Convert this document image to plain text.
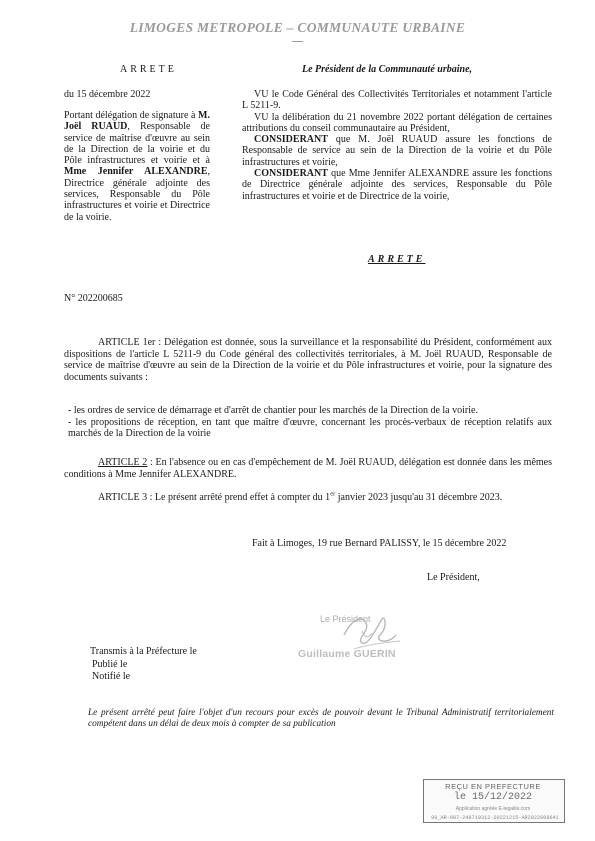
LIMOGES METROPOLE – COMMUNAUTE URBAINE
—
ARRETE	Le Président de la Communauté urbaine,
du 15 décembre 2022
Portant délégation de signature à M. Joël RUAUD, Responsable de service de maîtrise d'œuvre au sein de la Direction de la voirie et du Pôle infrastructures et voirie et à Mme Jennifer ALEXANDRE, Directrice générale adjointe des services, Responsable du Pôle infrastructures et voirie et Directrice de la voirie.

VU le Code Général des Collectivités Territoriales et notamment l'article L 5211-9.

VU la délibération du 21 novembre 2022 portant délégation de certaines attributions du conseil communautaire au Président,

CONSIDERANT que M. Joël RUAUD assure les fonctions de Responsable de service au sein de la Direction de la voirie et du Pôle infrastructures et voirie,

CONSIDERANT que Mme Jennifer ALEXANDRE assure les fonctions de Directrice générale adjointe des services, Responsable du Pôle infrastructures et voirie et de Directrice de la voirie,

ARRETE
N° 202200685
ARTICLE 1er : Délégation est donnée, sous la surveillance et la responsabilité du Président, conformément aux dispositions de l'article L 5211-9 du Code général des collectivités territoriales, à M. Joël RUAUD, Responsable de service de maîtrise d'œuvre au sein de la Direction de la voirie et du Pôle infrastructures et voirie, pour la signature des documents suivants :
- les ordres de service de démarrage et d'arrêt de chantier pour les marchés de la Direction de la voirie.
- les propositions de réception, en tant que maître d'œuvre, concernant les procès-verbaux de réception relatifs aux marchés de la Direction de la voirie
ARTICLE 2 : En l'absence ou en cas d'empêchement de M. Joël RUAUD, délégation est donnée dans les mêmes conditions à Mme Jennifer ALEXANDRE.
ARTICLE 3 : Le présent arrêté prend effet à compter du 1er janvier 2023 jusqu'au 31 décembre 2023.
Fait à Limoges, 19 rue Bernard PALISSY, le 15 décembre 2022
Le Président,
Le Président
Guillaume GUERIN
Transmis à la Préfecture le
Publié le
Notifié le
Le présent arrêté peut faire l'objet d'un recours pour excès de pouvoir devant le Tribunal Administratif territorialement compétent dans un délai de deux mois à compter de sa publication
REÇU EN PREFECTURE
le 15/12/2022
Application agréée E-legalite.com
99_AR-087-248719312-20221215-AR2022008641
